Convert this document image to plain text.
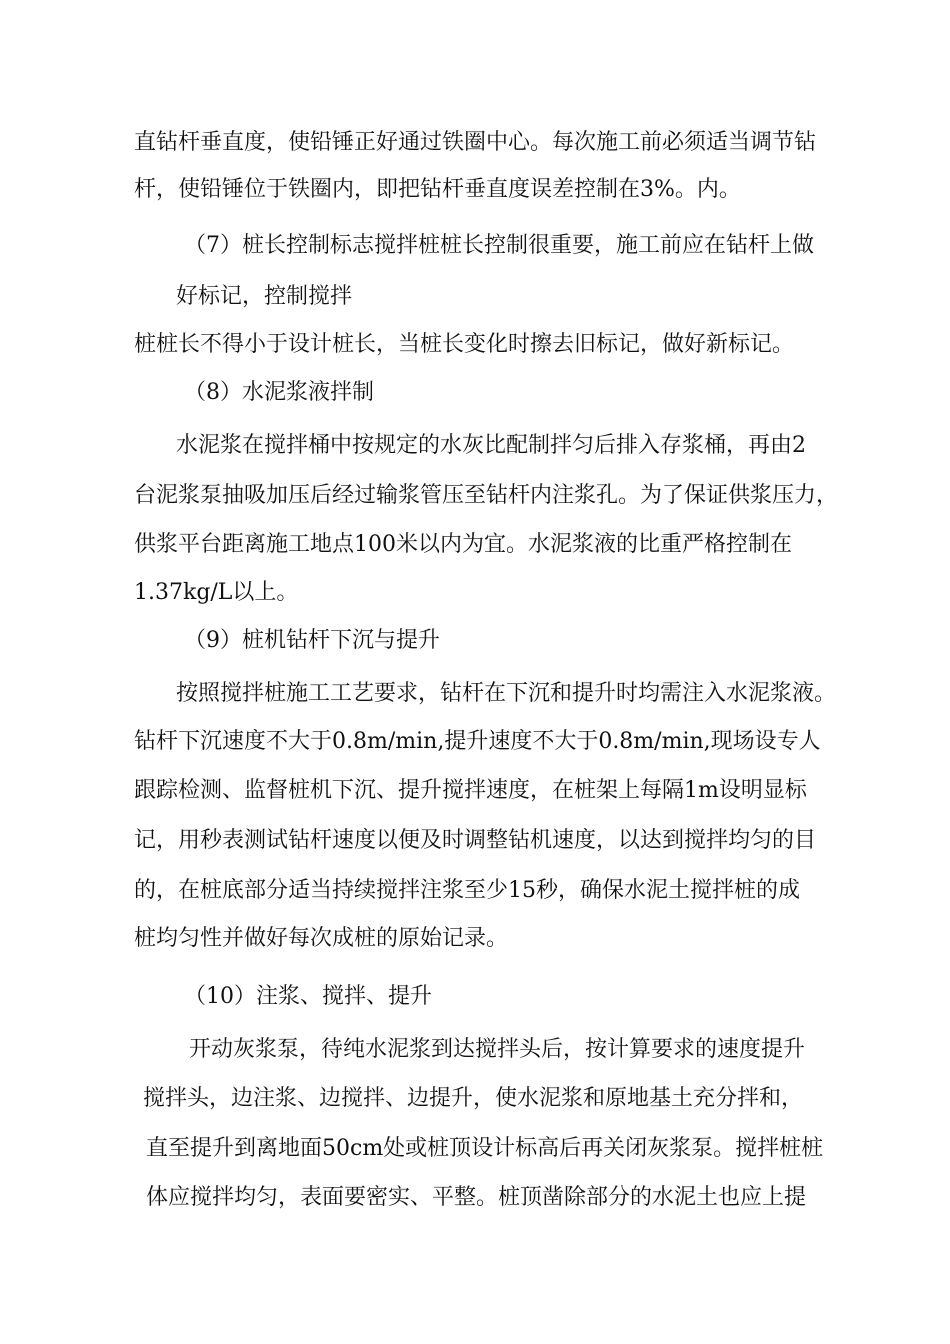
直钻杆垂直度，使铅锤正好通过铁圈中心。每次施工前必须适当调节钻
杆，使铅锤位于铁圈内，即把钻杆垂直度误差控制在3%。内。
（7）桩长控制标志搅拌桩桩长控制很重要，施工前应在钻杆上做
好标记，控制搅拌
桩桩长不得小于设计桩长，当桩长变化时擦去旧标记，做好新标记。
（8）水泥浆液拌制
水泥浆在搅拌桶中按规定的水灰比配制拌匀后排入存浆桶，再由2
台泥浆泵抽吸加压后经过输浆管压至钻杆内注浆孔。为了保证供浆压力，
供浆平台距离施工地点100米以内为宜。水泥浆液的比重严格控制在
1.37kg/L以上。
（9）桩机钻杆下沉与提升
按照搅拌桩施工工艺要求，钻杆在下沉和提升时均需注入水泥浆液。
钻杆下沉速度不大于0.8m/min,提升速度不大于0.8m/min,现场设专人
跟踪检测、监督桩机下沉、提升搅拌速度，在桩架上每隔1m设明显标
记，用秒表测试钻杆速度以便及时调整钻机速度，以达到搅拌均匀的目
的，在桩底部分适当持续搅拌注浆至少15秒，确保水泥土搅拌桩的成
桩均匀性并做好每次成桩的原始记录。
（10）注浆、搅拌、提升
开动灰浆泵，待纯水泥浆到达搅拌头后，按计算要求的速度提升
搅拌头，边注浆、边搅拌、边提升，使水泥浆和原地基土充分拌和，
直至提升到离地面50cm处或桩顶设计标高后再关闭灰浆泵。搅拌桩桩
体应搅拌均匀，表面要密实、平整。桩顶凿除部分的水泥土也应上提
